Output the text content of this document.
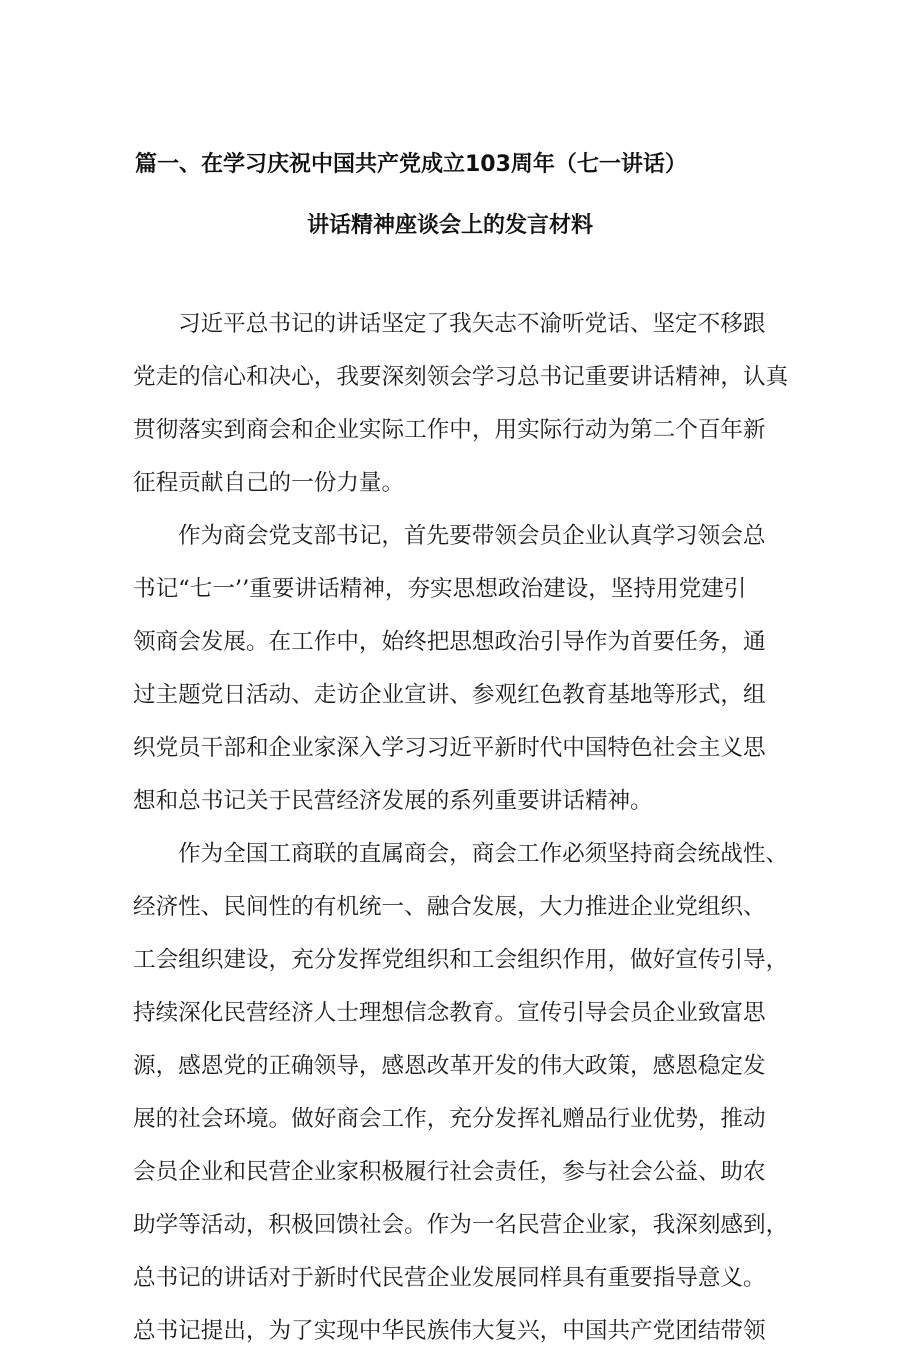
篇一、在学习庆祝中国共产党成立103周年（七一讲话）
讲话精神座谈会上的发言材料
习近平总书记的讲话坚定了我矢志不渝听党话、坚定不移跟
党走的信心和决心，我要深刻领会学习总书记重要讲话精神，认真
贯彻落实到商会和企业实际工作中，用实际行动为第二个百年新
征程贡献自己的一份力量。
作为商会党支部书记，首先要带领会员企业认真学习领会总
书记“七一’’重要讲话精神，夯实思想政治建设，坚持用党建引
领商会发展。在工作中，始终把思想政治引导作为首要任务，通
过主题党日活动、走访企业宣讲、参观红色教育基地等形式，组
织党员干部和企业家深入学习习近平新时代中国特色社会主义思
想和总书记关于民营经济发展的系列重要讲话精神。
作为全国工商联的直属商会，商会工作必须坚持商会统战性、
经济性、民间性的有机统一、融合发展，大力推进企业党组织、
工会组织建设，充分发挥党组织和工会组织作用，做好宣传引导，
持续深化民营经济人士理想信念教育。宣传引导会员企业致富思
源，感恩党的正确领导，感恩改革开发的伟大政策，感恩稳定发
展的社会环境。做好商会工作，充分发挥礼赠品行业优势，推动
会员企业和民营企业家积极履行社会责任，参与社会公益、助农
助学等活动，积极回馈社会。作为一名民营企业家，我深刻感到，
总书记的讲话对于新时代民营企业发展同样具有重要指导意义。
总书记提出，为了实现中华民族伟大复兴，中国共产党团结带领
